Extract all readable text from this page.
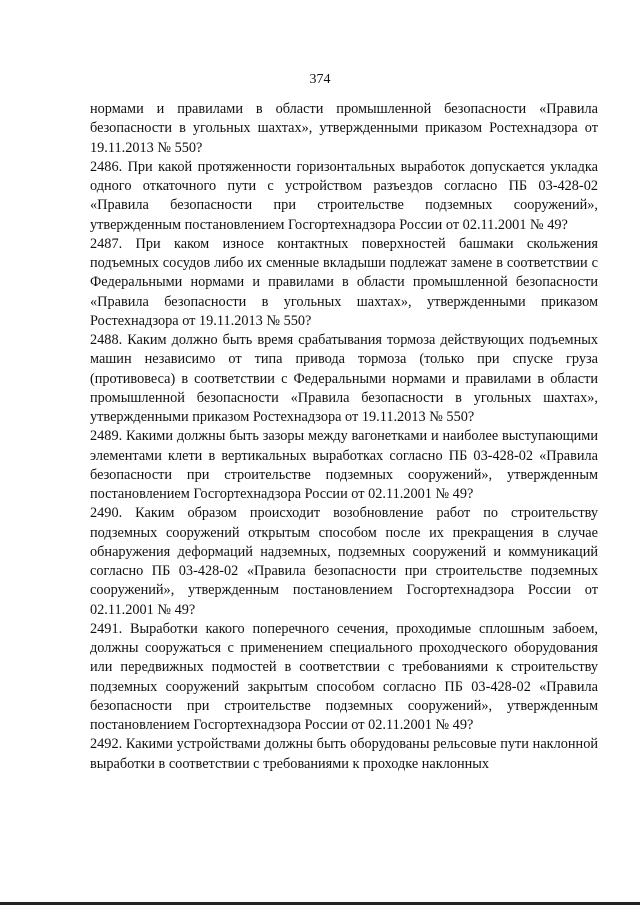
374

нормами и правилами в области промышленной безопасности «Правила безопасности в угольных шахтах», утвержденными приказом Ростехнадзора от 19.11.2013 № 550?

2486. При какой протяженности горизонтальных выработок допускается укладка одного откаточного пути с устройством разъездов согласно ПБ 03-428-02 «Правила безопасности при строительстве подземных сооружений», утвержденным постановлением Госгортехнадзора России от 02.11.2001 № 49?

2487. При каком износе контактных поверхностей башмаки скольжения подъемных сосудов либо их сменные вкладыши подлежат замене в соответствии с Федеральными нормами и правилами в области промышленной безопасности «Правила безопасности в угольных шахтах», утвержденными приказом Ростехнадзора от 19.11.2013 № 550?

2488. Каким должно быть время срабатывания тормоза действующих подъемных машин независимо от типа привода тормоза (только при спуске груза (противовеса) в соответствии с Федеральными нормами и правилами в области промышленной безопасности «Правила безопасности в угольных шахтах», утвержденными приказом Ростехнадзора от 19.11.2013 № 550?

2489. Какими должны быть зазоры между вагонетками и наиболее выступающими элементами клети в вертикальных выработках согласно ПБ 03-428-02 «Правила безопасности при строительстве подземных сооружений», утвержденным постановлением Госгортехнадзора России от 02.11.2001 № 49?

2490. Каким образом происходит возобновление работ по строительству подземных сооружений открытым способом после их прекращения в случае обнаружения деформаций надземных, подземных сооружений и коммуникаций согласно ПБ 03-428-02 «Правила безопасности при строительстве подземных сооружений», утвержденным постановлением Госгортехнадзора России от 02.11.2001 № 49?

2491. Выработки какого поперечного сечения, проходимые сплошным забоем, должны сооружаться с применением специального проходческого оборудования или передвижных подмостей в соответствии с требованиями к строительству подземных сооружений закрытым способом согласно ПБ 03-428-02 «Правила безопасности при строительстве подземных сооружений», утвержденным постановлением Госгортехнадзора России от 02.11.2001 № 49?

2492. Какими устройствами должны быть оборудованы рельсовые пути наклонной выработки в соответствии с требованиями к проходке наклонных
